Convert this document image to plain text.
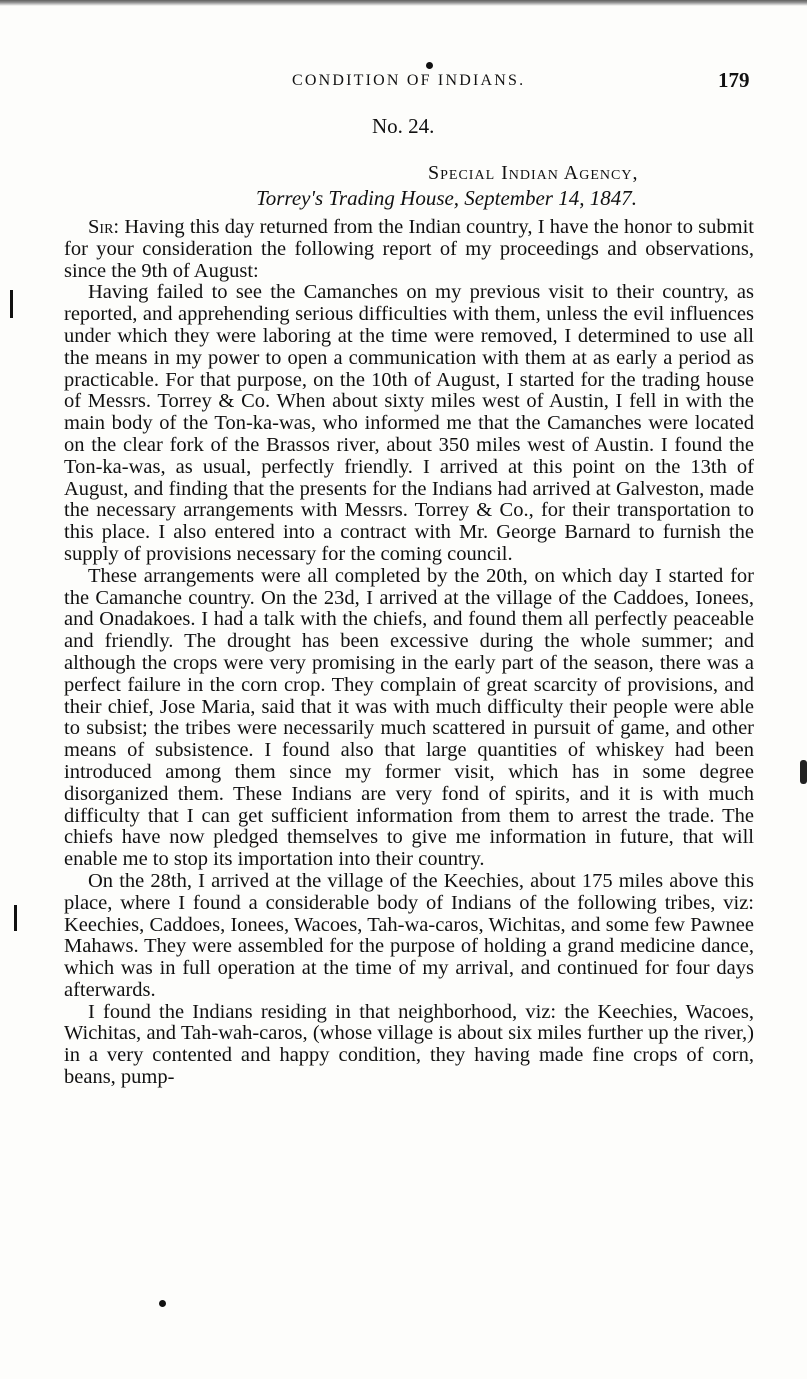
CONDITION OF INDIANS.	179
No. 24.
Special Indian Agency,
Torrey's Trading House, September 14, 1847.

Sir: Having this day returned from the Indian country, I have the honor to submit for your consideration the following report of my proceedings and observations, since the 9th of August:

Having failed to see the Camanches on my previous visit to their country, as reported, and apprehending serious difficulties with them, unless the evil influences under which they were laboring at the time were removed, I determined to use all the means in my power to open a communication with them at as early a period as practicable. For that purpose, on the 10th of August, I started for the trading house of Messrs. Torrey & Co. When about sixty miles west of Austin, I fell in with the main body of the Ton-ka-was, who informed me that the Camanches were located on the clear fork of the Brassos river, about 350 miles west of Austin. I found the Ton-ka-was, as usual, perfectly friendly. I arrived at this point on the 13th of August, and finding that the presents for the Indians had arrived at Galveston, made the necessary arrangements with Messrs. Torrey & Co., for their transportation to this place. I also entered into a contract with Mr. George Barnard to furnish the supply of provisions necessary for the coming council.

These arrangements were all completed by the 20th, on which day I started for the Camanche country. On the 23d, I arrived at the village of the Caddoes, Ionees, and Onadakoes. I had a talk with the chiefs, and found them all perfectly peaceable and friendly. The drought has been excessive during the whole summer; and although the crops were very promising in the early part of the season, there was a perfect failure in the corn crop. They complain of great scarcity of provisions, and their chief, Jose Maria, said that it was with much difficulty their people were able to subsist; the tribes were necessarily much scattered in pursuit of game, and other means of subsistence. I found also that large quantities of whiskey had been introduced among them since my former visit, which has in some degree disorganized them. These Indians are very fond of spirits, and it is with much difficulty that I can get sufficient information from them to arrest the trade. The chiefs have now pledged themselves to give me information in future, that will enable me to stop its importation into their country.

On the 28th, I arrived at the village of the Keechies, about 175 miles above this place, where I found a considerable body of Indians of the following tribes, viz: Keechies, Caddoes, Ionees, Wacoes, Tah-wa-caros, Wichitas, and some few Pawnee Mahaws. They were assembled for the purpose of holding a grand medicine dance, which was in full operation at the time of my arrival, and continued for four days afterwards.

I found the Indians residing in that neighborhood, viz: the Keechies, Wacoes, Wichitas, and Tah-wah-caros, (whose village is about six miles further up the river,) in a very contented and happy condition, they having made fine crops of corn, beans, pump-
